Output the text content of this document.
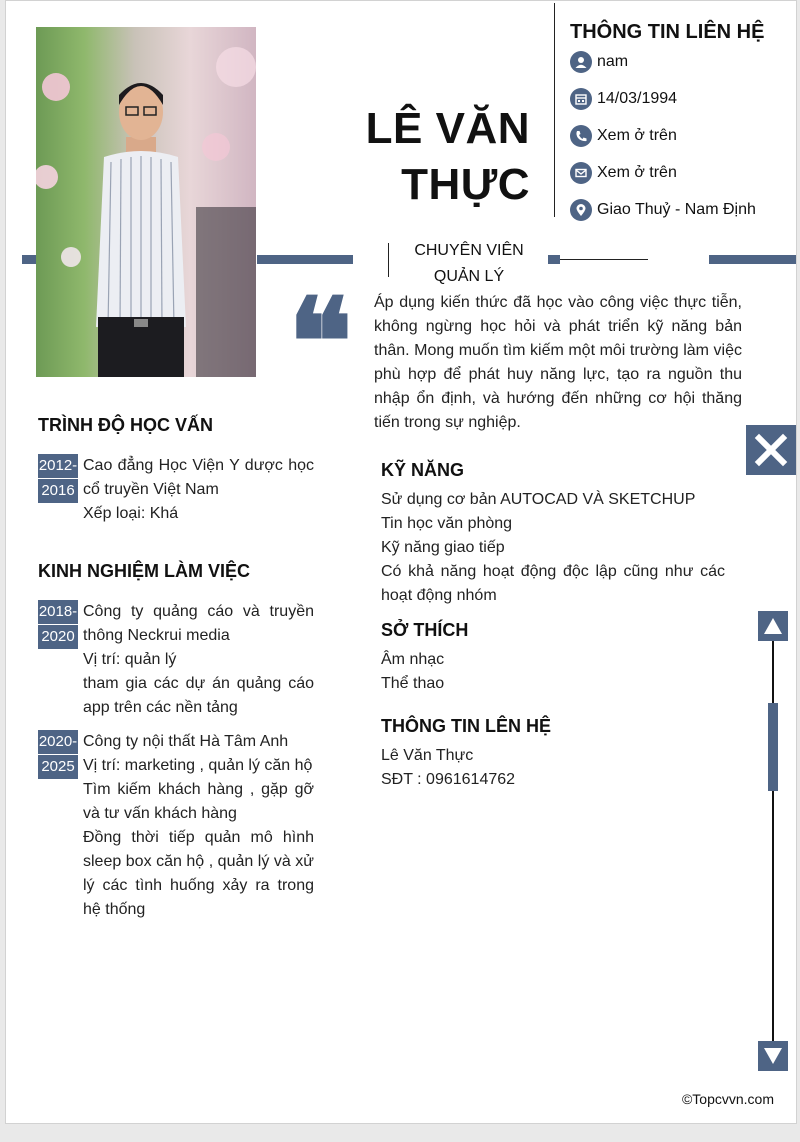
LÊ VĂN
THỰC
THÔNG TIN LIÊN HỆ
nam
14/03/1994
Xem ở trên
Xem ở trên
Giao Thuỷ - Nam Định
CHUYÊN VIÊN
QUẢN LÝ
❝ Áp dụng kiến thức đã học vào công việc thực tiễn, không ngừng học hỏi và phát triển kỹ năng bản thân. Mong muốn tìm kiếm một môi trường làm việc phù hợp để phát huy năng lực, tạo ra nguồn thu nhập ổn định, và hướng đến những cơ hội thăng tiến trong sự nghiệp.
TRÌNH ĐỘ HỌC VẤN
2012-
2016
Cao đẳng Học Viện Y dược học cổ truyền Việt Nam
Xếp loại: Khá
KINH NGHIỆM LÀM VIỆC
2018-
2020
Công ty quảng cáo và truyền thông Neckrui media
Vị trí: quản lý
tham gia các dự án quảng cáo app trên các nền tảng
2020-
2025
Công ty nội thất Hà Tâm Anh
Vị trí: marketing , quản lý căn hộ
Tìm kiếm khách hàng , gặp gỡ và tư vấn khách hàng
Đồng thời tiếp quản mô hình sleep box căn hộ , quản lý và xử lý các tình huống xảy ra trong hệ thống
KỸ NĂNG
Sử dụng cơ bản AUTOCAD VÀ SKETCHUP
Tin học văn phòng
Kỹ năng giao tiếp
Có khả năng hoạt động độc lập cũng như các hoạt động nhóm
SỞ THÍCH
Âm nhạc
Thể thao
THÔNG TIN LÊN HỆ
Lê Văn Thực
SĐT : 0961614762
©Topcvvn.com
